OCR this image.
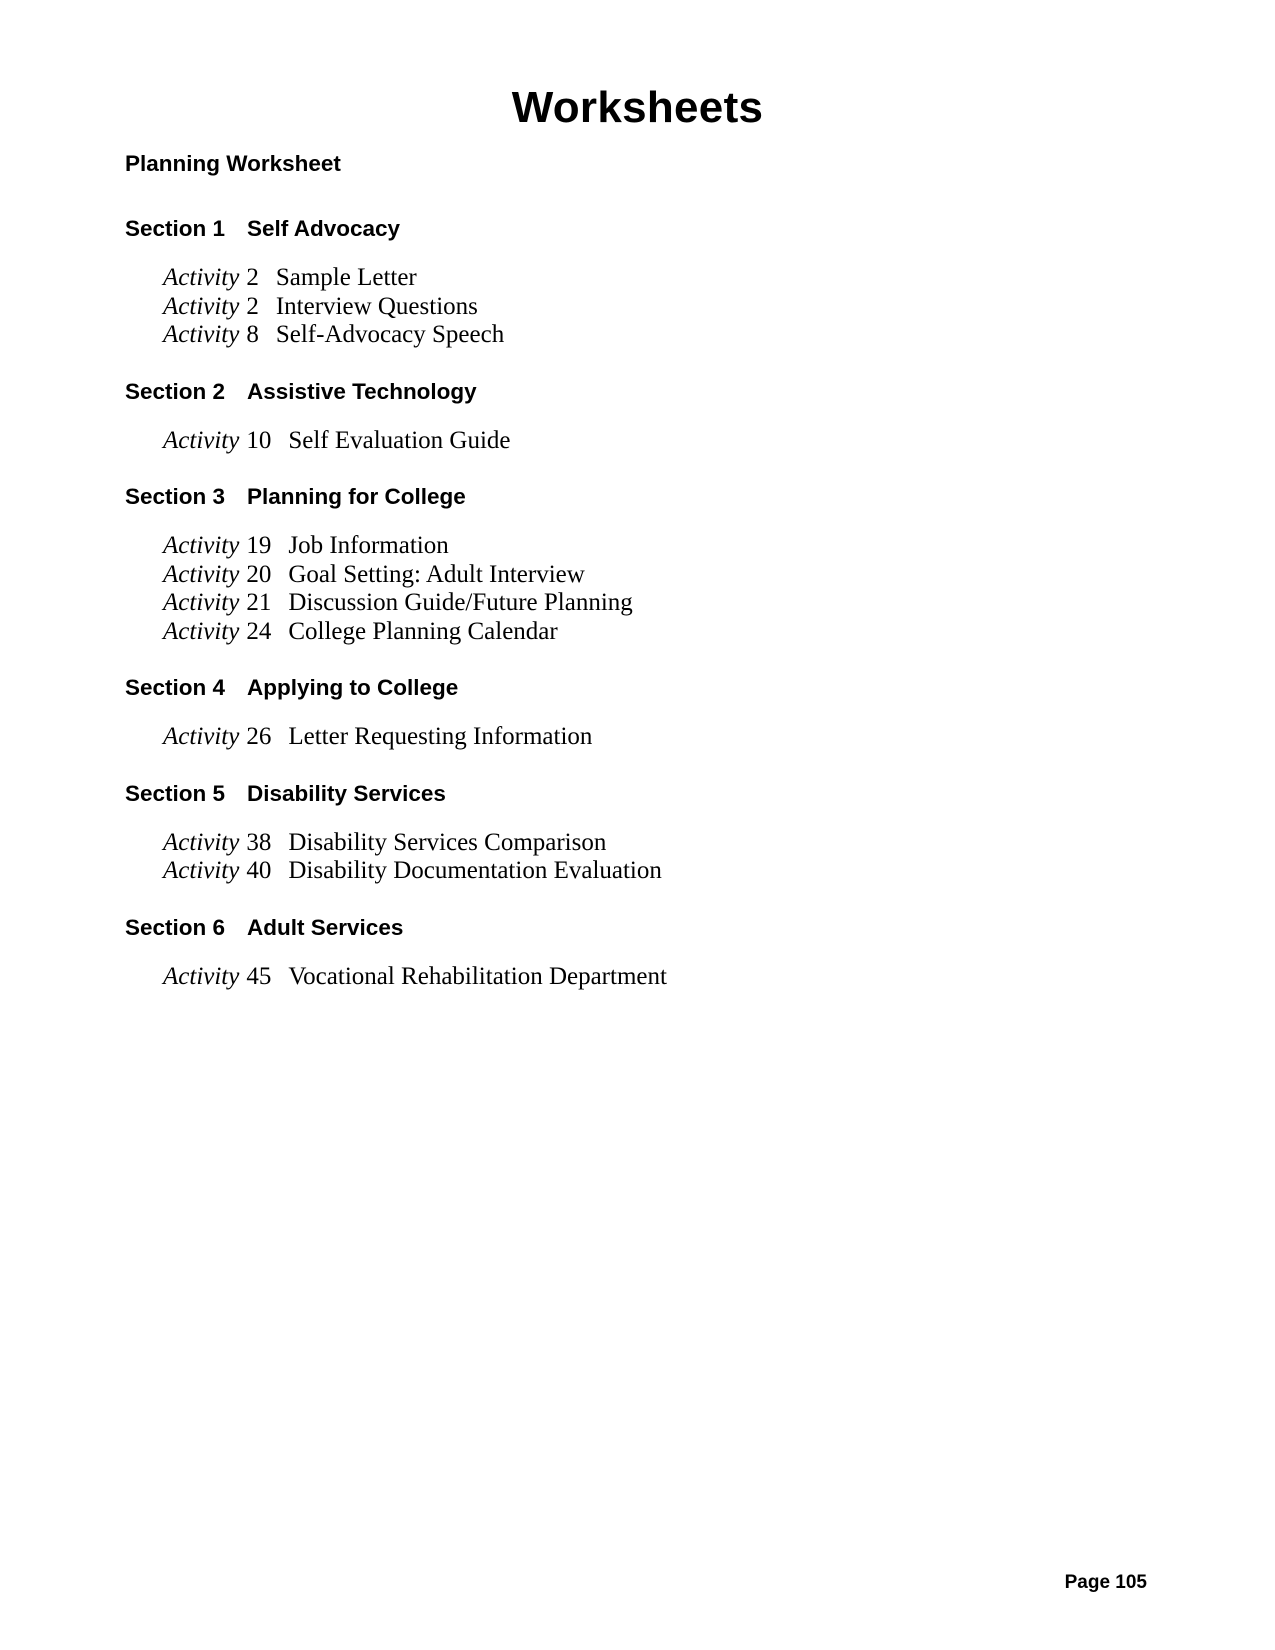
Worksheets
Planning Worksheet
Section 1 Self Advocacy
Activity 2 Sample Letter
Activity 2 Interview Questions
Activity 8 Self-Advocacy Speech
Section 2 Assistive Technology
Activity 10 Self Evaluation Guide
Section 3 Planning for College
Activity 19 Job Information
Activity 20 Goal Setting: Adult Interview
Activity 21 Discussion Guide/Future Planning
Activity 24 College Planning Calendar
Section 4 Applying to College
Activity 26 Letter Requesting Information
Section 5 Disability Services
Activity 38 Disability Services Comparison
Activity 40 Disability Documentation Evaluation
Section 6 Adult Services
Activity 45 Vocational Rehabilitation Department
Page 105
